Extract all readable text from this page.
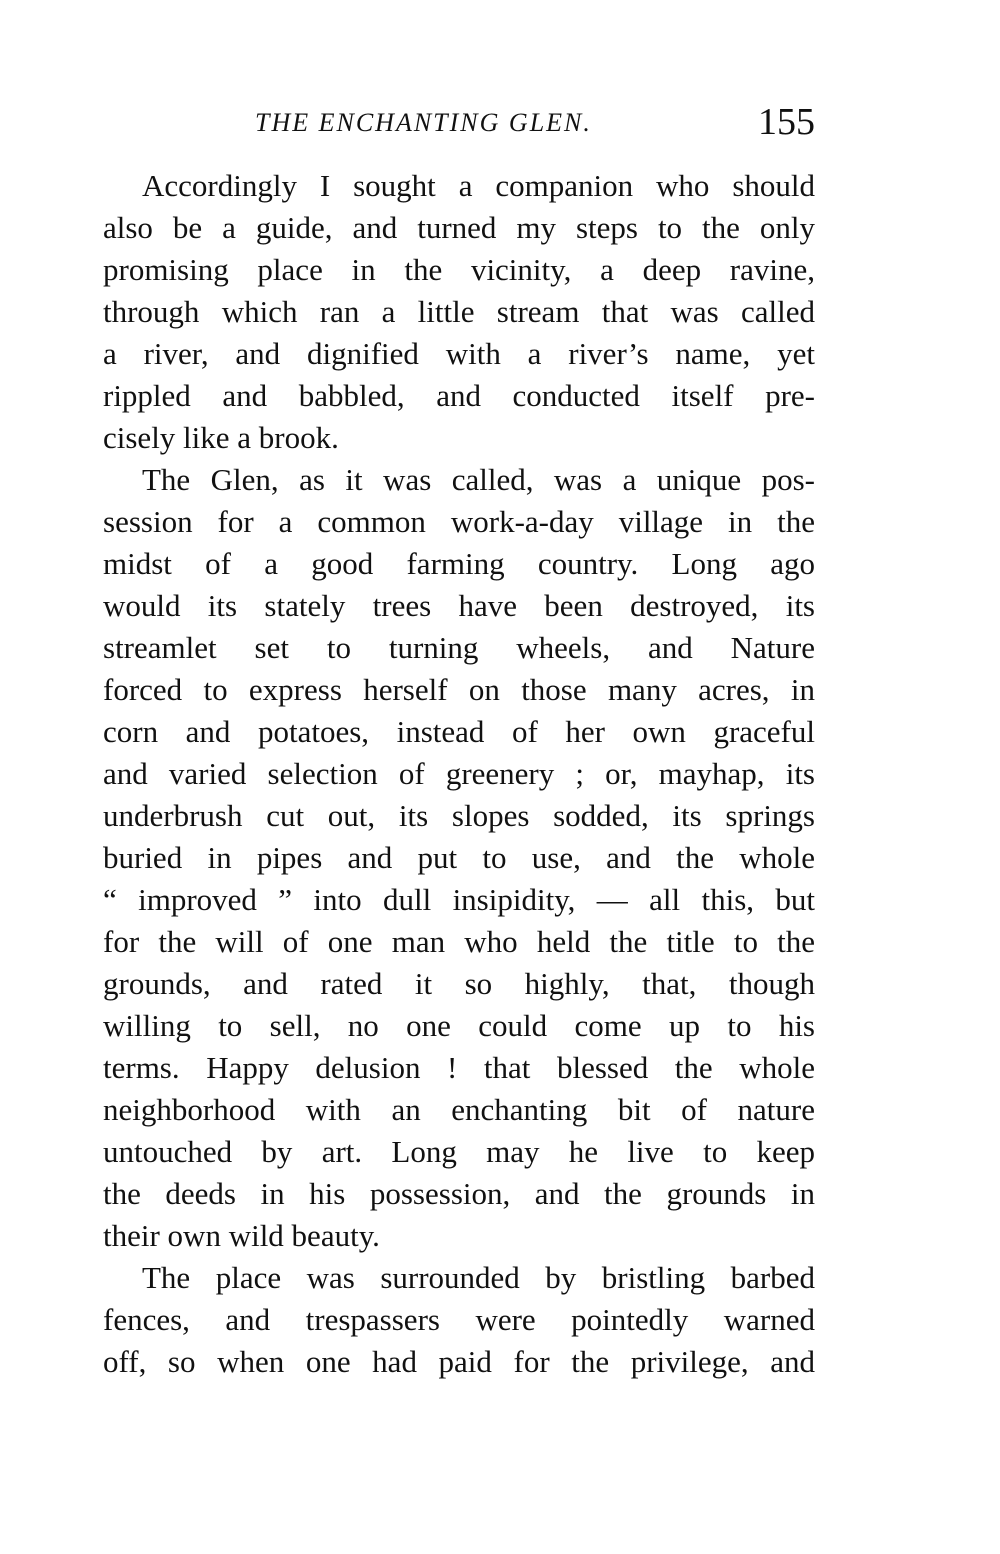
THE ENCHANTING GLEN.	155
Accordingly I sought a companion who should
also be a guide, and turned my steps to the only
promising place in the vicinity, a deep ravine,
through which ran a little stream that was called
a river, and dignified with a river’s name, yet
rippled and babbled, and conducted itself pre-
cisely like a brook.
The Glen, as it was called, was a unique pos-
session for a common work-a-day village in the
midst of a good farming country. Long ago
would its stately trees have been destroyed, its
streamlet set to turning wheels, and Nature
forced to express herself on those many acres, in
corn and potatoes, instead of her own graceful
and varied selection of greenery ; or, mayhap, its
underbrush cut out, its slopes sodded, its springs
buried in pipes and put to use, and the whole
“ improved ” into dull insipidity, — all this, but
for the will of one man who held the title to the
grounds, and rated it so highly, that, though
willing to sell, no one could come up to his
terms. Happy delusion ! that blessed the whole
neighborhood with an enchanting bit of nature
untouched by art. Long may he live to keep
the deeds in his possession, and the grounds in
their own wild beauty.
The place was surrounded by bristling barbed
fences, and trespassers were pointedly warned
off, so when one had paid for the privilege, and
